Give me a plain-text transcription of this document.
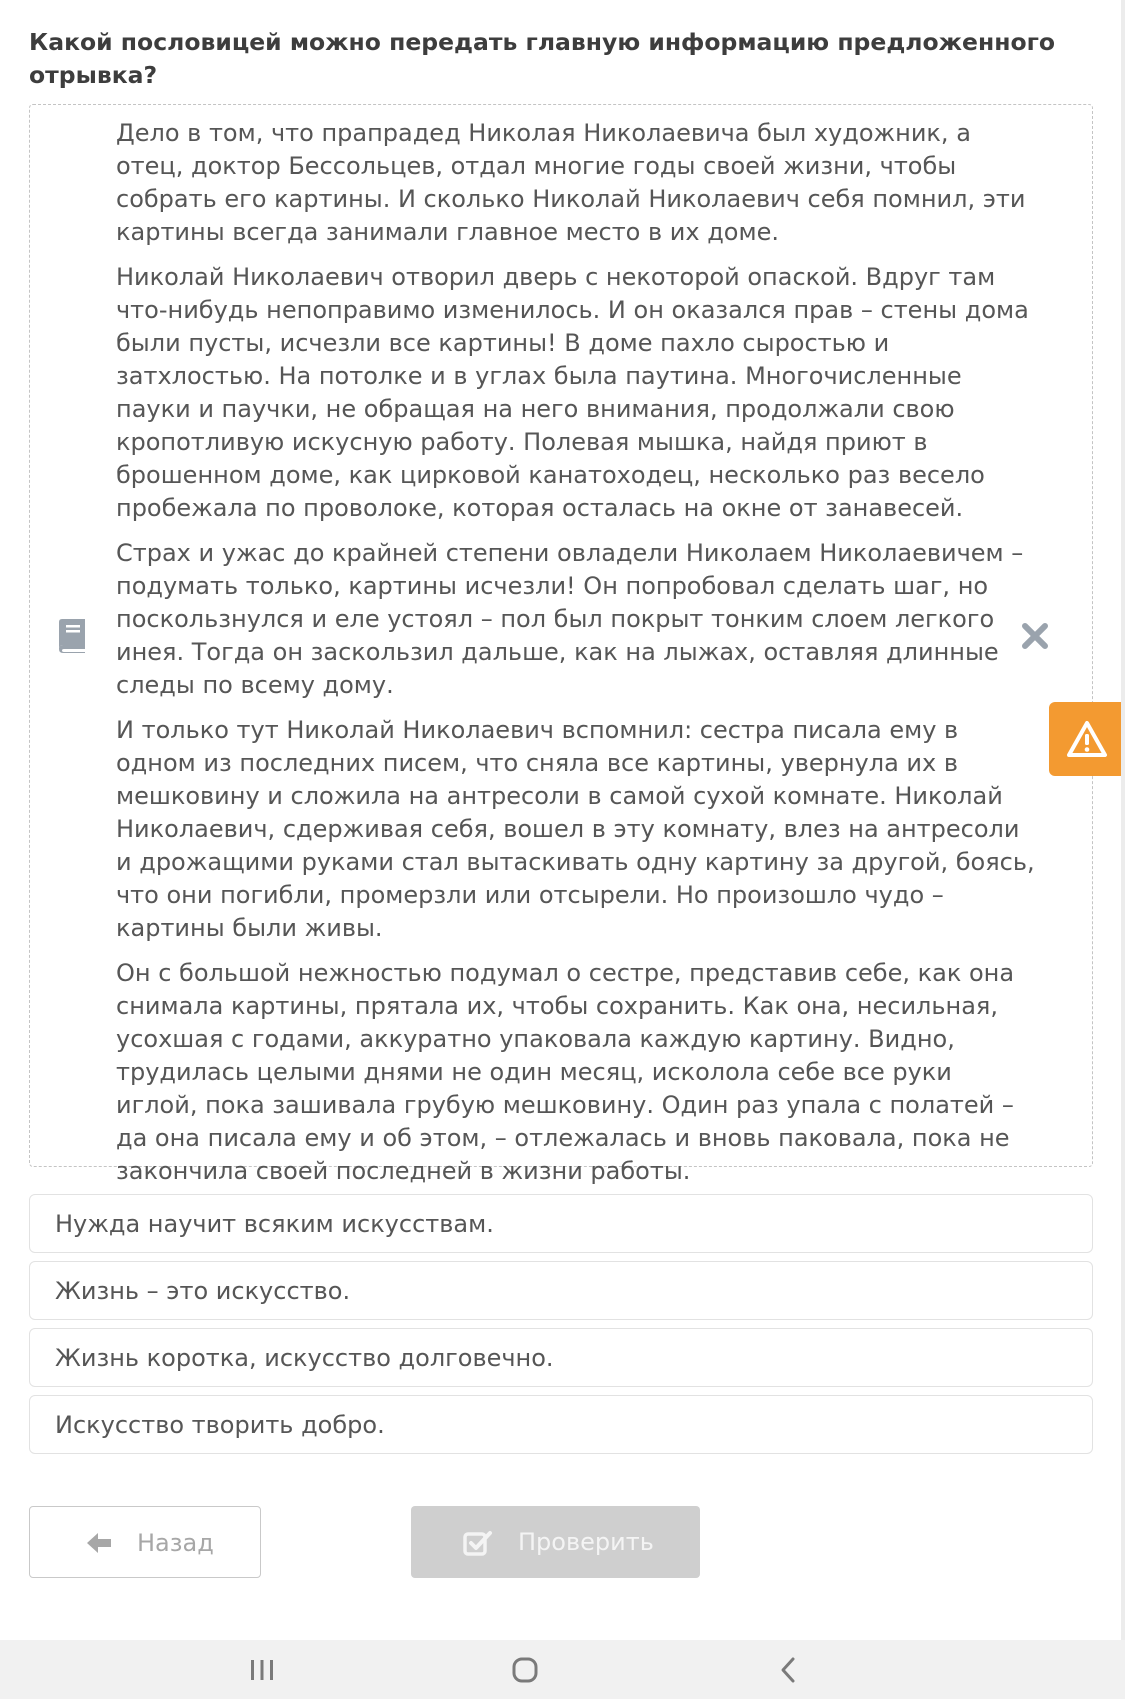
Какой пословицей можно передать главную информацию предложенного отрывка?

Дело в том, что прапрадед Николая Николаевича был художник, а отец, доктор Бессольцев, отдал многие годы своей жизни, чтобы собрать его картины. И сколько Николай Николаевич себя помнил, эти картины всегда занимали главное место в их доме.

Николай Николаевич отворил дверь с некоторой опаской. Вдруг там что-нибудь непоправимо изменилось. И он оказался прав – стены дома были пусты, исчезли все картины! В доме пахло сыростью и затхлостью. На потолке и в углах была паутина. Многочисленные пауки и паучки, не обращая на него внимания, продолжали свою кропотливую искусную работу. Полевая мышка, найдя приют в брошенном доме, как цирковой канатоходец, несколько раз весело пробежала по проволоке, которая осталась на окне от занавесей.

Страх и ужас до крайней степени овладели Николаем Николаевичем – подумать только, картины исчезли! Он попробовал сделать шаг, но поскользнулся и еле устоял – пол был покрыт тонким слоем легкого инея. Тогда он заскользил дальше, как на лыжах, оставляя длинные следы по всему дому.

И только тут Николай Николаевич вспомнил: сестра писала ему в одном из последних писем, что сняла все картины, увернула их в мешковину и сложила на антресоли в самой сухой комнате. Николай Николаевич, сдерживая себя, вошел в эту комнату, влез на антресоли и дрожащими руками стал вытаскивать одну картину за другой, боясь, что они погибли, промерзли или отсырели. Но произошло чудо – картины были живы.

Он с большой нежностью подумал о сестре, представив себе, как она снимала картины, прятала их, чтобы сохранить. Как она, несильная, усохшая с годами, аккуратно упаковала каждую картину. Видно, трудилась целыми днями не один месяц, исколола себе все руки иглой, пока зашивала грубую мешковину. Один раз упала с полатей – да она писала ему и об этом, – отлежалась и вновь паковала, пока не закончила своей последней в жизни работы.

Нужда научит всяким искусствам.
Жизнь – это искусство.
Жизнь коротка, искусство долговечно.
Искусство творить добро.
Назад	Проверить
